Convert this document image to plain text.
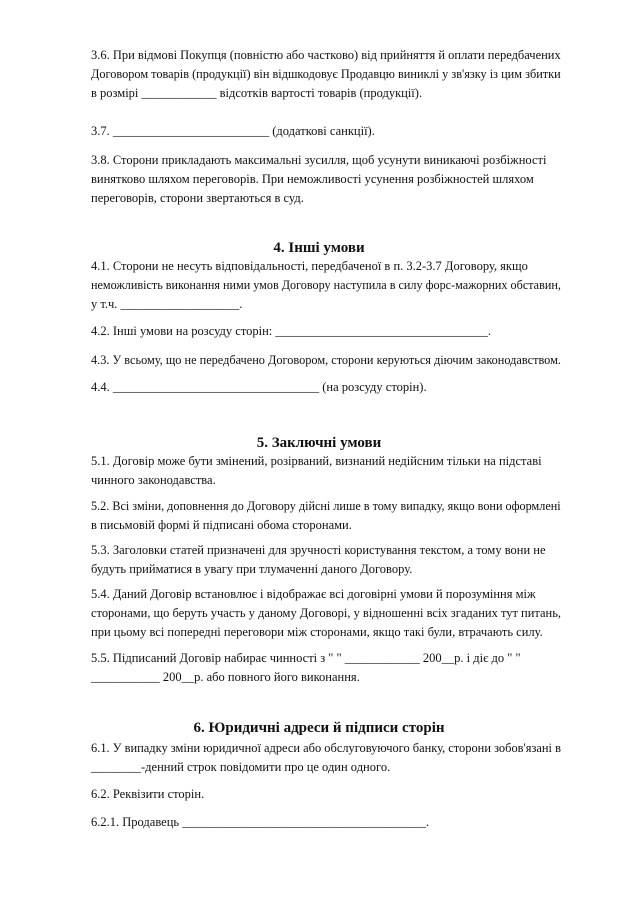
3.6. При відмові Покупця (повністю або частково) від прийняття й оплати передбачених
Договором товарів (продукції) він відшкодовує Продавцю виниклі у зв'язку із цим збитки
в розмірі ____________ відсотків вартості товарів (продукції).

3.7. _________________________ (додаткові санкції).

3.8. Сторони прикладають максимальні зусилля, щоб усунути виникаючі розбіжності
винятково шляхом переговорів. При неможливості усунення розбіжностей шляхом
переговорів, сторони звертаються в суд.

4. Інші умови

4.1. Сторони не несуть відповідальності, передбаченої в п. 3.2-3.7 Договору, якщо
неможливість виконання ними умов Договору наступила в силу форс-мажорних обставин,
у т.ч. ___________________.

4.2. Інші умови на розсуду сторін: __________________________________.

4.3. У всьому, що не передбачено Договором, сторони керуються діючим законодавством.

4.4. _________________________________ (на розсуду сторін).

5. Заключні умови

5.1. Договір може бути змінений, розірваний, визнаний недійсним тільки на підставі
чинного законодавства.

5.2. Всі зміни, доповнення до Договору дійсні лише в тому випадку, якщо вони оформлені
в письмовій формі й підписані обома сторонами.

5.3. Заголовки статей призначені для зручності користування текстом, а тому вони не
будуть прийматися в увагу при тлумаченні даного Договору.

5.4. Даний Договір встановлює і відображає всі договірні умови й порозуміння між
сторонами, що беруть участь у даному Договорі, у відношенні всіх згаданих тут питань,
при цьому всі попередні переговори між сторонами, якщо такі були, втрачають силу.

5.5. Підписаний Договір набирає чинності з " " ____________ 200__р. і діє до " "
___________ 200__р. або повного його виконання.

6. Юридичні адреси й підписи сторін

6.1. У випадку зміни юридичної адреси або обслуговуючого банку, сторони зобов'язані в
________-денний строк повідомити про це один одного.

6.2. Реквізити сторін.

6.2.1. Продавець _______________________________________.
